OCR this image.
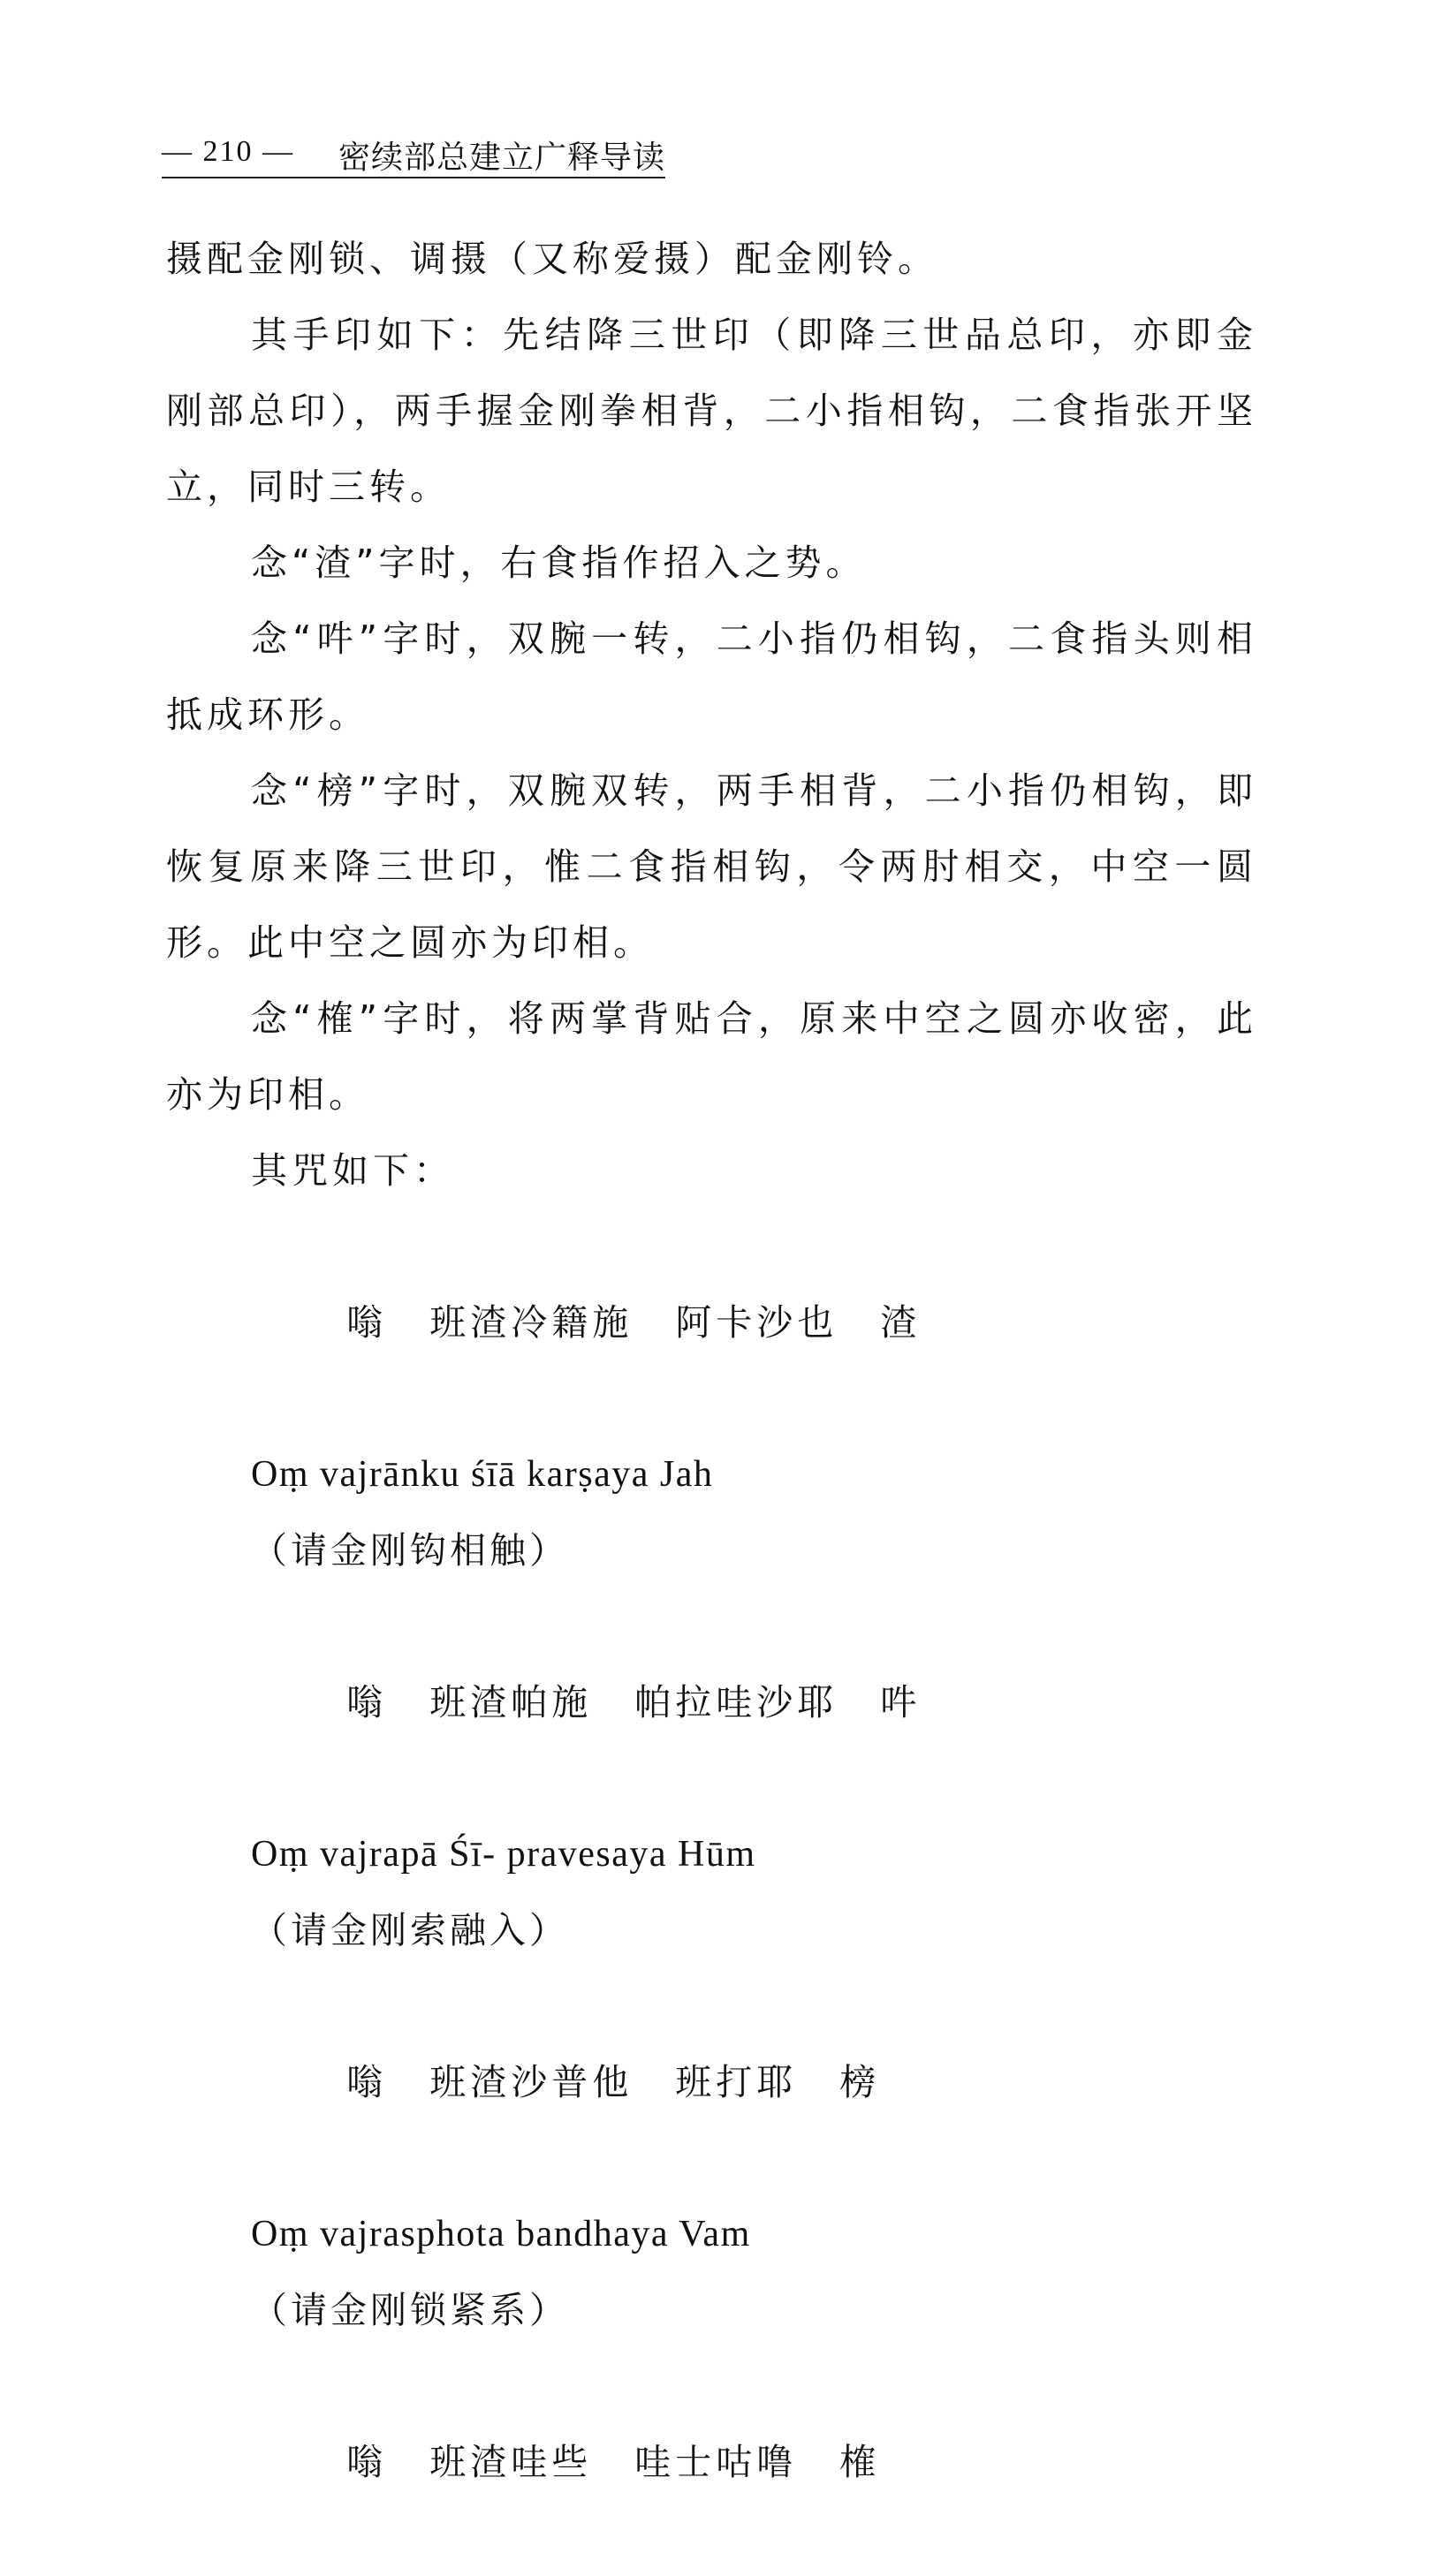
— 210 — 密续部总建立广释导读

摄配金刚锁、调摄（又称爱摄）配金刚铃。

其手印如下：先结降三世印（即降三世品总印，亦即金刚部总印），两手握金刚拳相背，二小指相钩，二食指张开坚立，同时三转。

念“渣”字时，右食指作招入之势。

念“吽”字时，双腕一转，二小指仍相钩，二食指头则相抵成环形。

念“榜”字时，双腕双转，两手相背，二小指仍相钩，即恢复原来降三世印，惟二食指相钩，令两肘相交，中空一圆形。此中空之圆亦为印相。

念“榷”字时，将两掌背贴合，原来中空之圆亦收密，此亦为印相。

其咒如下：

嗡 班渣冷籍施 阿卡沙也 渣

Oṃ vajrānku śīā karṣaya Jah
（请金刚钩相触）

嗡 班渣帕施 帕拉哇沙耶 吽

Oṃ vajrapā Śī- pravesaya Hūm
（请金刚索融入）

嗡 班渣沙普他 班打耶 榜

Oṃ vajrasphota bandhaya Vam
（请金刚锁紧系）

嗡 班渣哇些 哇士咕噜 榷
